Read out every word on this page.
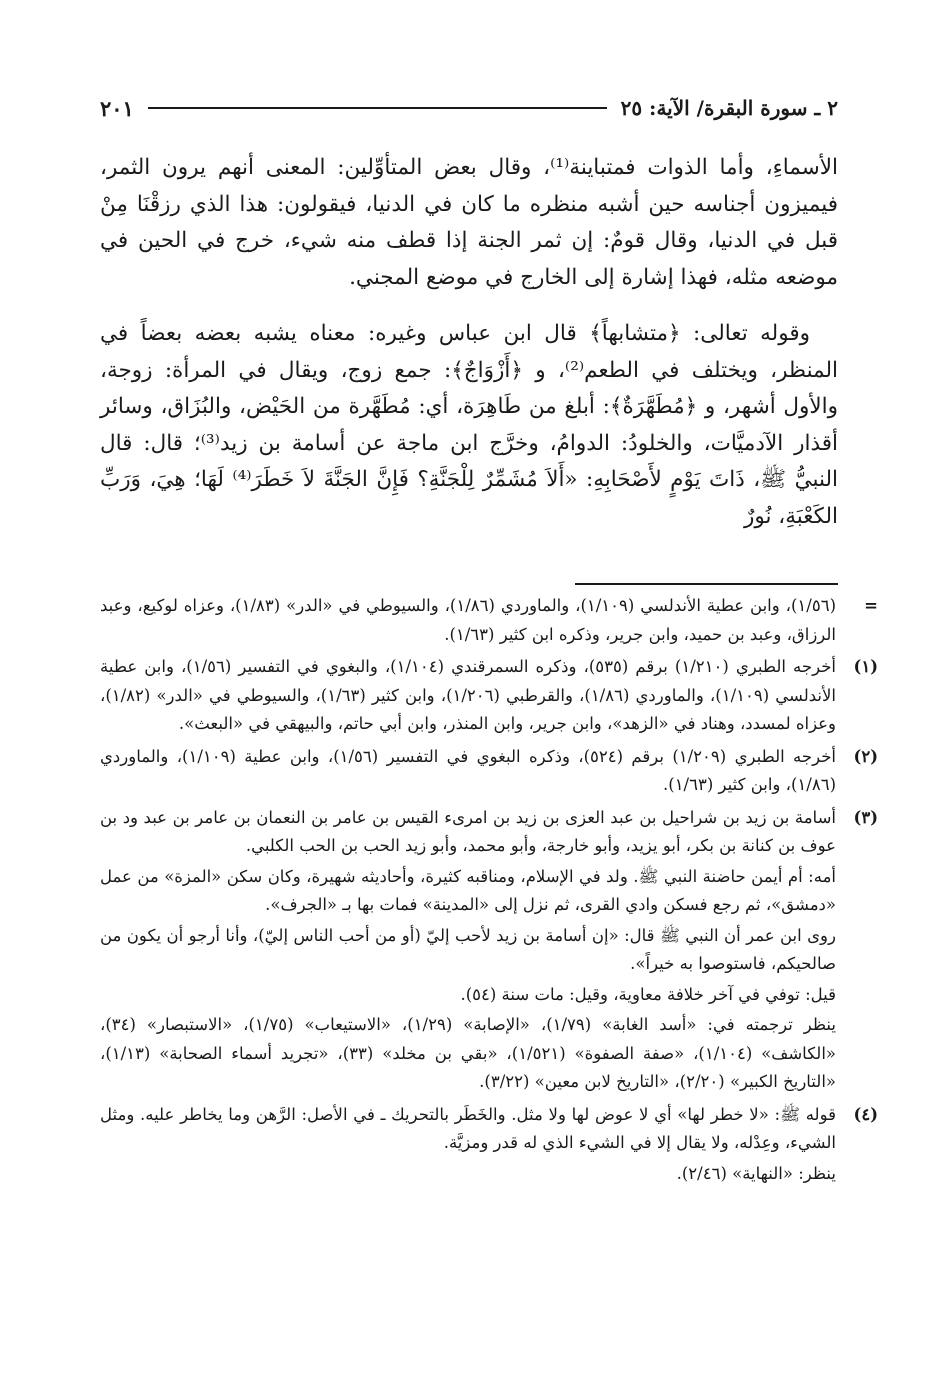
٢ ـ سورة البقرة/ الآية: ٢٥
٢٠١

الأسماءِ، وأما الذوات فمتباينة⁽¹⁾، وقال بعض المتأوِّلين: المعنى أنهم يرون الثمر، فيميزون أجناسه حين أشبه منظره ما كان في الدنيا، فيقولون: هذا الذي رزقْنَا مِنْ قبل في الدنيا، وقال قومٌ: إن ثمر الجنة إذا قطف منه شيء، خرج في الحين في موضعه مثله، فهذا إشارة إلى الخارج في موضع المجني.

وقوله تعالى: ﴿متشابهاً﴾ قال ابن عباس وغيره: معناه يشبه بعضه بعضاً في المنظر، ويختلف في الطعم⁽²⁾، و ﴿أَزْوَاجٌ﴾: جمع زوج، ويقال في المرأة: زوجة، والأول أشهر، و ﴿مُطَهَّرَةٌ﴾: أبلغ من طَاهِرَة، أي: مُطَهَّرة من الحَيْض، والبُزَاق، وسائر أقذار الآدميَّات، والخلودُ: الدوامُ، وخرَّج ابن ماجة عن أسامة بن زيد⁽³⁾؛ قال: قال النبيُّ ﷺ، ذَاتَ يَوْمٍ لأَصْحَابِهِ: «أَلاَ مُشَمِّرٌ لِلْجَنَّةِ؟ فَإِنَّ الجَنَّةَ لاَ خَطَرَ⁽⁴⁾ لَهَا؛ هِيَ، وَرَبِّ الكَعْبَةِ، نُورٌ

=

(١/٥٦)، وابن عطية الأندلسي (١/١٠٩)، والماوردي (١/٨٦)، والسيوطي في «الدر» (١/٨٣)، وعزاه لوكيع، وعبد الرزاق، وعبد بن حميد، وابن جرير، وذكره ابن كثير (١/٦٣).

(١)

أخرجه الطبري (١/٢١٠) برقم (٥٣٥)، وذكره السمرقندي (١/١٠٤)، والبغوي في التفسير (١/٥٦)، وابن عطية الأندلسي (١/١٠٩)، والماوردي (١/٨٦)، والقرطبي (١/٢٠٦)، وابن كثير (١/٦٣)، والسيوطي في «الدر» (١/٨٢)، وعزاه لمسدد، وهناد في «الزهد»، وابن جرير، وابن المنذر، وابن أبي حاتم، والبيهقي في «البعث».

(٢)

أخرجه الطبري (١/٢٠٩) برقم (٥٢٤)، وذكره البغوي في التفسير (١/٥٦)، وابن عطية (١/١٠٩)، والماوردي (١/٨٦)، وابن كثير (١/٦٣).

(٣)

أسامة بن زيد بن شراحيل بن عبد العزى بن زيد بن امرىء القيس بن عامر بن النعمان بن عامر بن عبد ود بن عوف بن كنانة بن بكر، أبو يزيد، وأبو خارجة، وأبو محمد، وأبو زيد الحب بن الحب الكلبي.

أمه: أم أيمن حاضنة النبي ﷺ. ولد في الإسلام، ومناقبه كثيرة، وأحاديثه شهيرة، وكان سكن «المزة» من عمل «دمشق»، ثم رجع فسكن وادي القرى، ثم نزل إلى «المدينة» فمات بها بـ «الجرف».

روى ابن عمر أن النبي ﷺ قال: «إن أسامة بن زيد لأحب إليّ (أو من أحب الناس إليّ)، وأنا أرجو أن يكون من صالحيكم، فاستوصوا به خيراً».

قيل: توفي في آخر خلافة معاوية، وقيل: مات سنة (٥٤).

ينظر ترجمته في: «أسد الغابة» (١/٧٩)، «الإصابة» (١/٢٩)، «الاستيعاب» (١/٧٥)، «الاستبصار» (٣٤)، «الكاشف» (١/١٠٤)، «صفة الصفوة» (١/٥٢١)، «بقي بن مخلد» (٣٣)، «تجريد أسماء الصحابة» (١/١٣)، «التاريخ الكبير» (٢/٢٠)، «التاريخ لابن معين» (٣/٢٢).

(٤)

قوله ﷺ: «لا خطر لها» أي لا عوض لها ولا مثل. والخَطَر بالتحريك ـ في الأصل: الرَّهن وما يخاطر عليه. ومثل الشيء، وعِدْله، ولا يقال إلا في الشيء الذي له قدر ومزيَّة.

ينظر: «النهاية» (٢/٤٦).
